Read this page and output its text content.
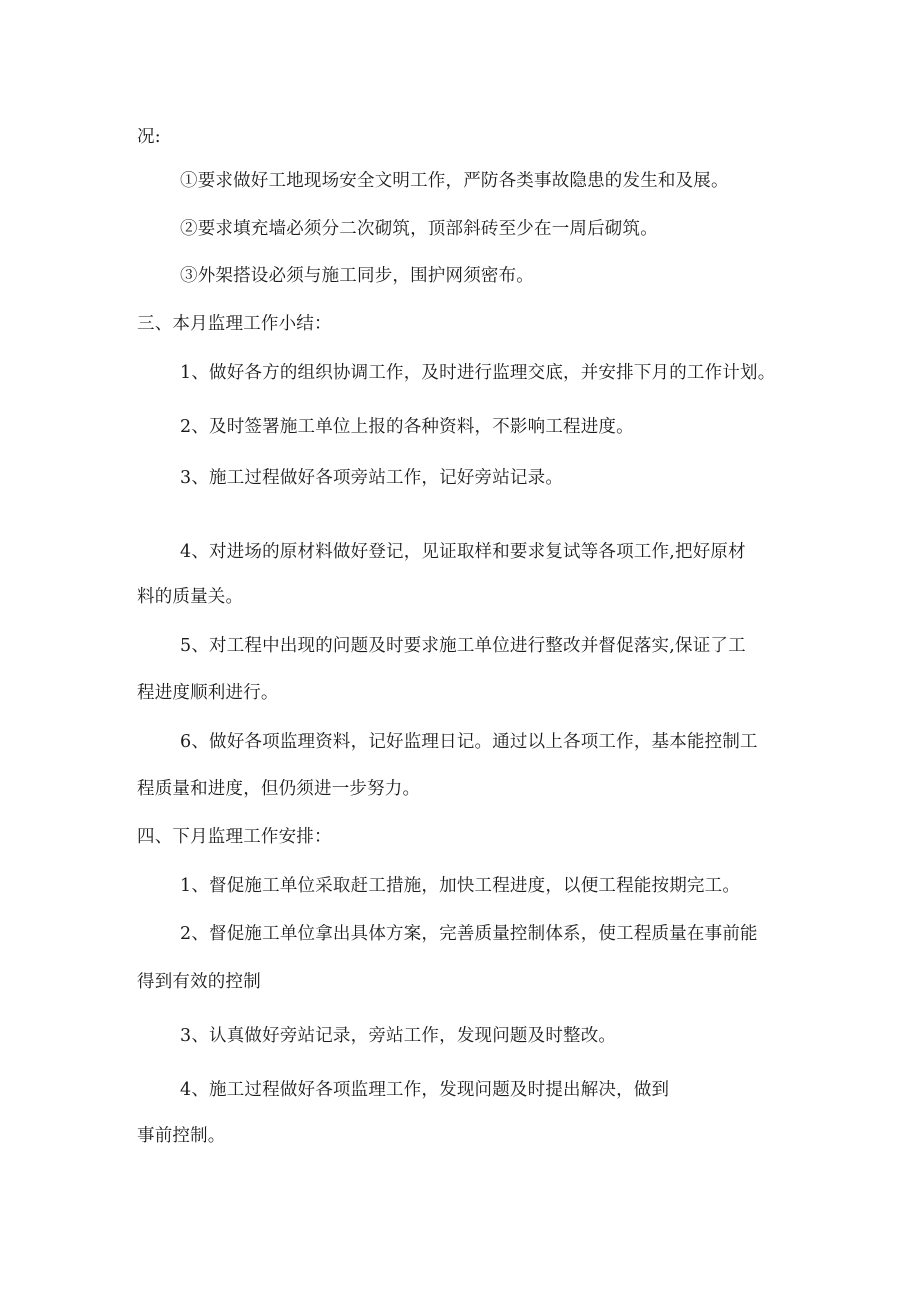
况:
①要求做好工地现场安全文明工作，严防各类事故隐患的发生和及展。
②要求填充墙必须分二次砌筑，顶部斜砖至少在一周后砌筑。
③外架搭设必须与施工同步，围护网须密布。
三、本月监理工作小结：
1、做好各方的组织协调工作，及时进行监理交底，并安排下月的工作计划。
2、及时签署施工单位上报的各种资料，不影响工程进度。
3、施工过程做好各项旁站工作，记好旁站记录。
4、对进场的原材料做好登记，见证取样和要求复试等各项工作,把好原材
料的质量关。
5、对工程中出现的问题及时要求施工单位进行整改并督促落实,保证了工
程进度顺利进行。
6、做好各项监理资料，记好监理日记。通过以上各项工作，基本能控制工
程质量和进度，但仍须进一步努力。
四、下月监理工作安排：
1、督促施工单位采取赶工措施，加快工程进度，以便工程能按期完工。
2、督促施工单位拿出具体方案，完善质量控制体系，使工程质量在事前能
得到有效的控制
3、认真做好旁站记录，旁站工作，发现问题及时整改。
4、施工过程做好各项监理工作，发现问题及时提出解决，做到
事前控制。
